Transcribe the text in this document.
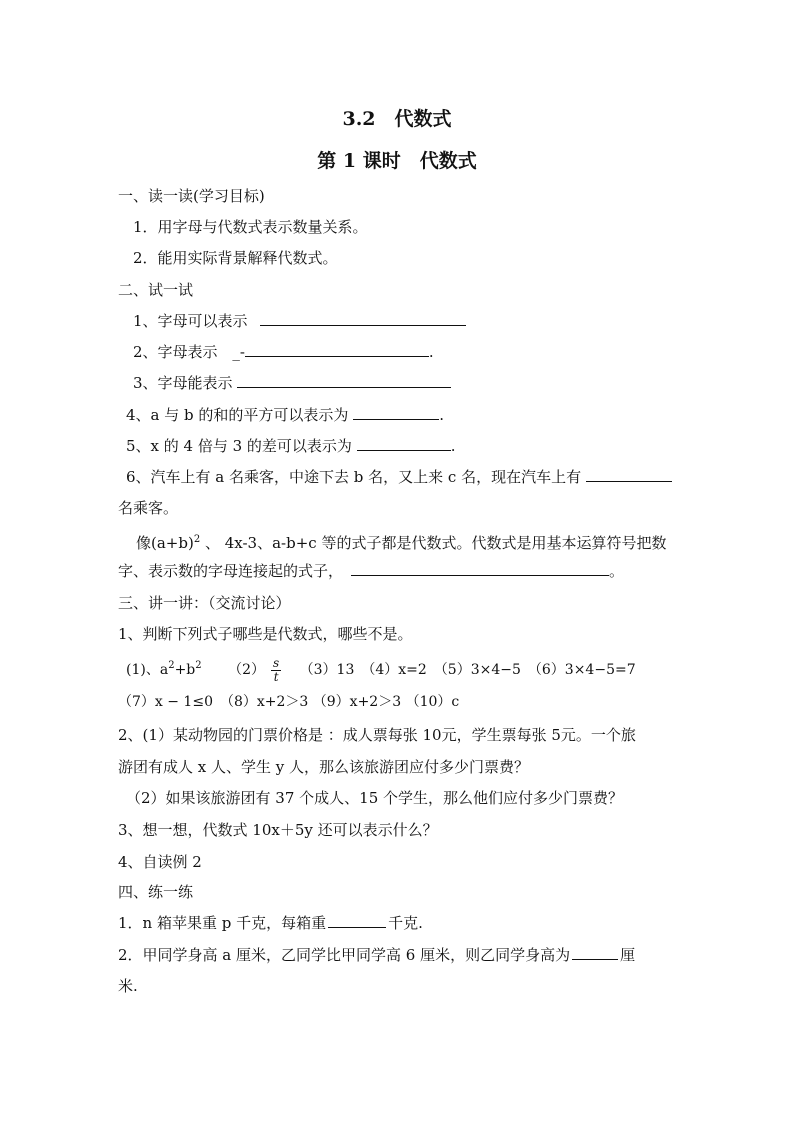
3.2　代数式
第 1 课时　代数式
一、读一读(学习目标)
1．用字母与代数式表示数量关系。
2．能用实际背景解释代数式。
二、试一试
1、字母可以表示
2、字母表示 _-	.
3、字母能表示
4、a 与 b 的和的平方可以表示为	.
5、x 的 4 倍与 3 的差可以表示为	.
6、汽车上有 a 名乘客，中途下去 b 名，又上来 c 名，现在汽车上有
名乘客。
像$(a+b)^2$ 、 4x-3、a-b+c 等的式子都是代数式。代数式是用基本运算符号把数
字、表示数的字母连接起的式子，	。
三、讲一讲：（交流讨论）
1、判断下列式子哪些是代数式，哪些不是。
(1)、$a^2+b^2$ $(2) \frac{s}{t} (3)13$　（4）x=2　（5）3×4−5　（6）3×4−5=7
（7）x − 1≤0　（8）x+2＞3 （9）x+2＞3 （10）c
2、(1）某动物园的门票价格是 ：成人票每张 10元，学生票每张 5元。一个旅
游团有成人 x 人、学生 y 人，那么该旅游团应付多少门票费？
（2）如果该旅游团有 37 个成人、15 个学生，那么他们应付多少门票费？
3、想一想，代数式 10x＋5y 还可以表示什么？
4、自读例 2
四、练一练
1．n 箱苹果重 p 千克，每箱重	千克.
2．甲同学身高 a 厘米，乙同学比甲同学高 6 厘米，则乙同学身高为	厘
米.
